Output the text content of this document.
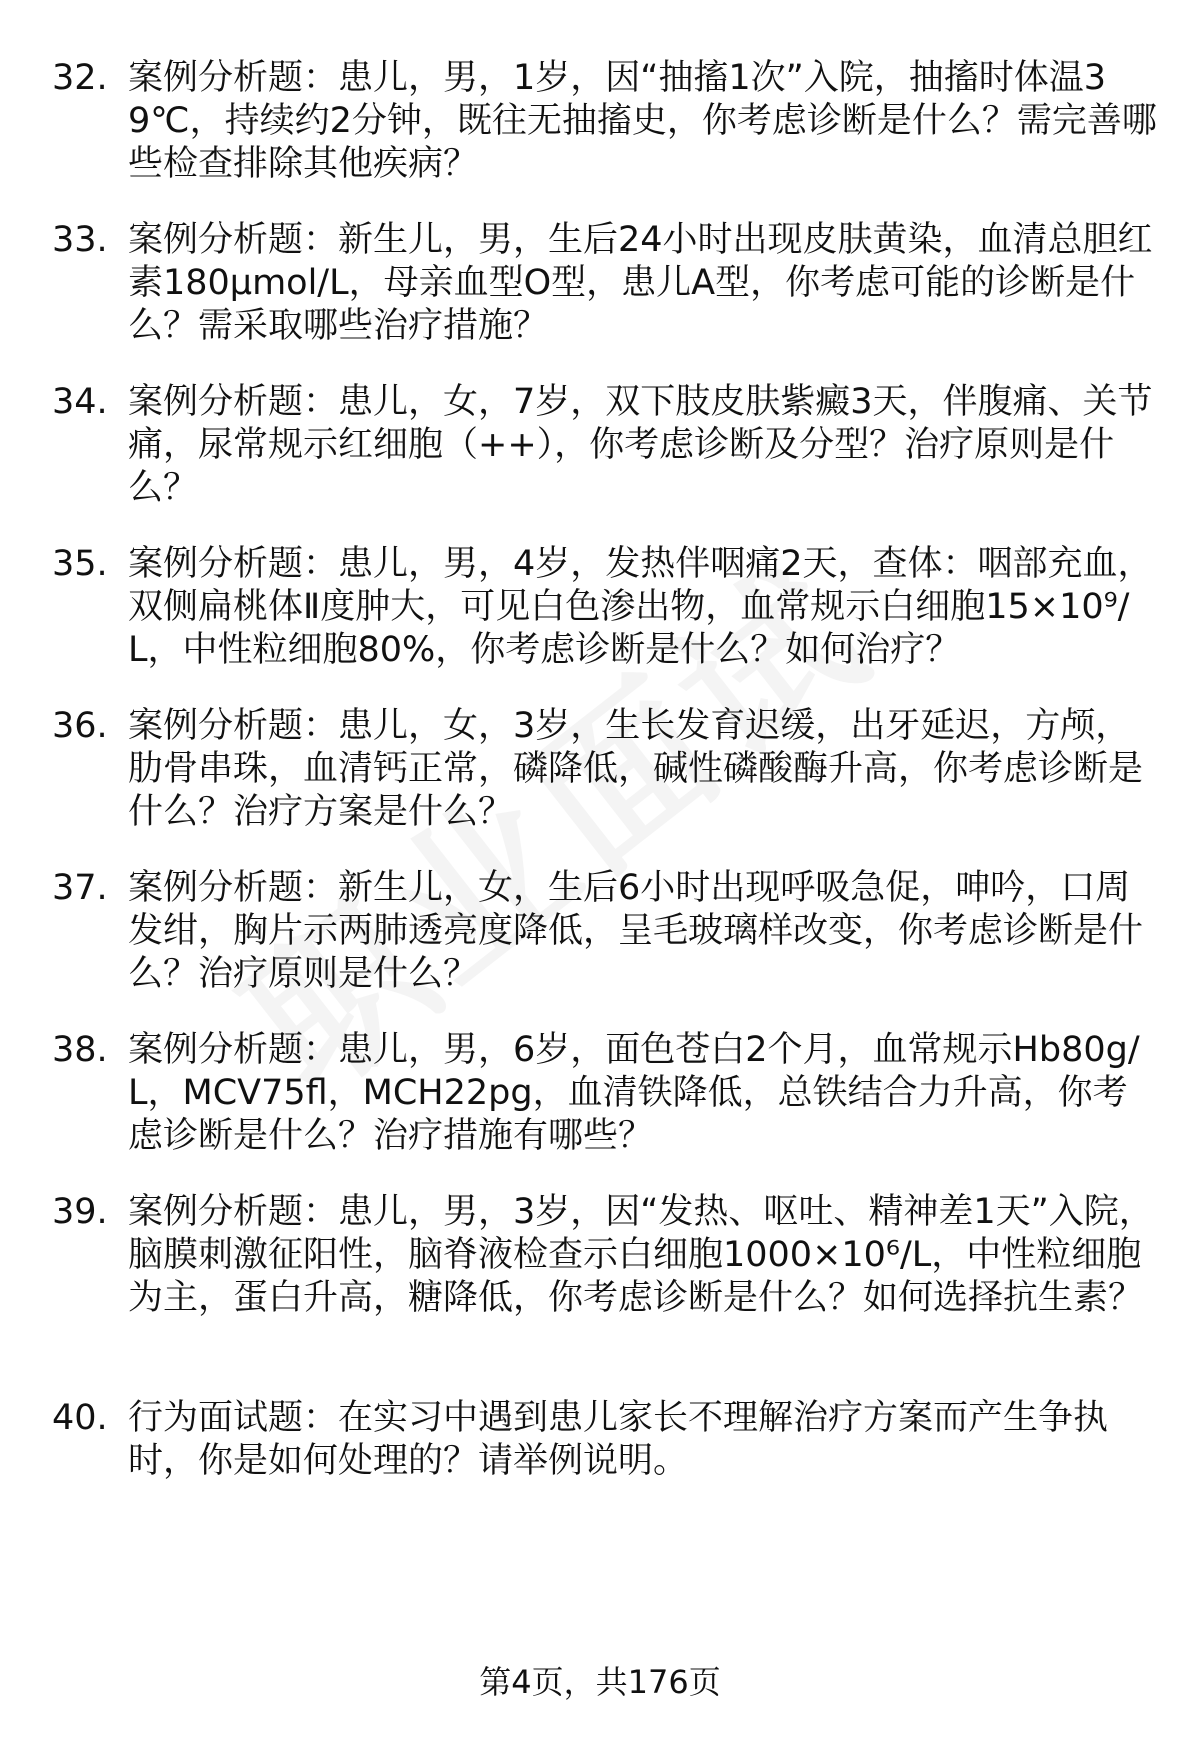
32. 案例分析题：患儿，男，1岁，因“抽搐1次”入院，抽搐时体温39℃，持续约2分钟，既往无抽搐史，你考虑诊断是什么？需完善哪些检查排除其他疾病？
33. 案例分析题：新生儿，男，生后24小时出现皮肤黄染，血清总胆红素180μmol/L，母亲血型O型，患儿A型，你考虑可能的诊断是什么？需采取哪些治疗措施？
34. 案例分析题：患儿，女，7岁，双下肢皮肤紫癜3天，伴腹痛、关节痛，尿常规示红细胞（++），你考虑诊断及分型？治疗原则是什么？
35. 案例分析题：患儿，男，4岁，发热伴咽痛2天，查体：咽部充血，双侧扁桃体Ⅱ度肿大，可见白色渗出物，血常规示白细胞15×10⁹/L，中性粒细胞80%，你考虑诊断是什么？如何治疗？
36. 案例分析题：患儿，女，3岁，生长发育迟缓，出牙延迟，方颅，肋骨串珠，血清钙正常，磷降低，碱性磷酸酶升高，你考虑诊断是什么？治疗方案是什么？
37. 案例分析题：新生儿，女，生后6小时出现呼吸急促，呻吟，口周发绀，胸片示两肺透亮度降低，呈毛玻璃样改变，你考虑诊断是什么？治疗原则是什么？
38. 案例分析题：患儿，男，6岁，面色苍白2个月，血常规示Hb80g/L，MCV75fl，MCH22pg，血清铁降低，总铁结合力升高，你考虑诊断是什么？治疗措施有哪些？
39. 案例分析题：患儿，男，3岁，因“发热、呕吐、精神差1天”入院，脑膜刺激征阳性，脑脊液检查示白细胞1000×10⁶/L，中性粒细胞为主，蛋白升高，糖降低，你考虑诊断是什么？如何选择抗生素？
40. 行为面试题：在实习中遇到患儿家长不理解治疗方案而产生争执时，你是如何处理的？请举例说明。
第4页，共176页
